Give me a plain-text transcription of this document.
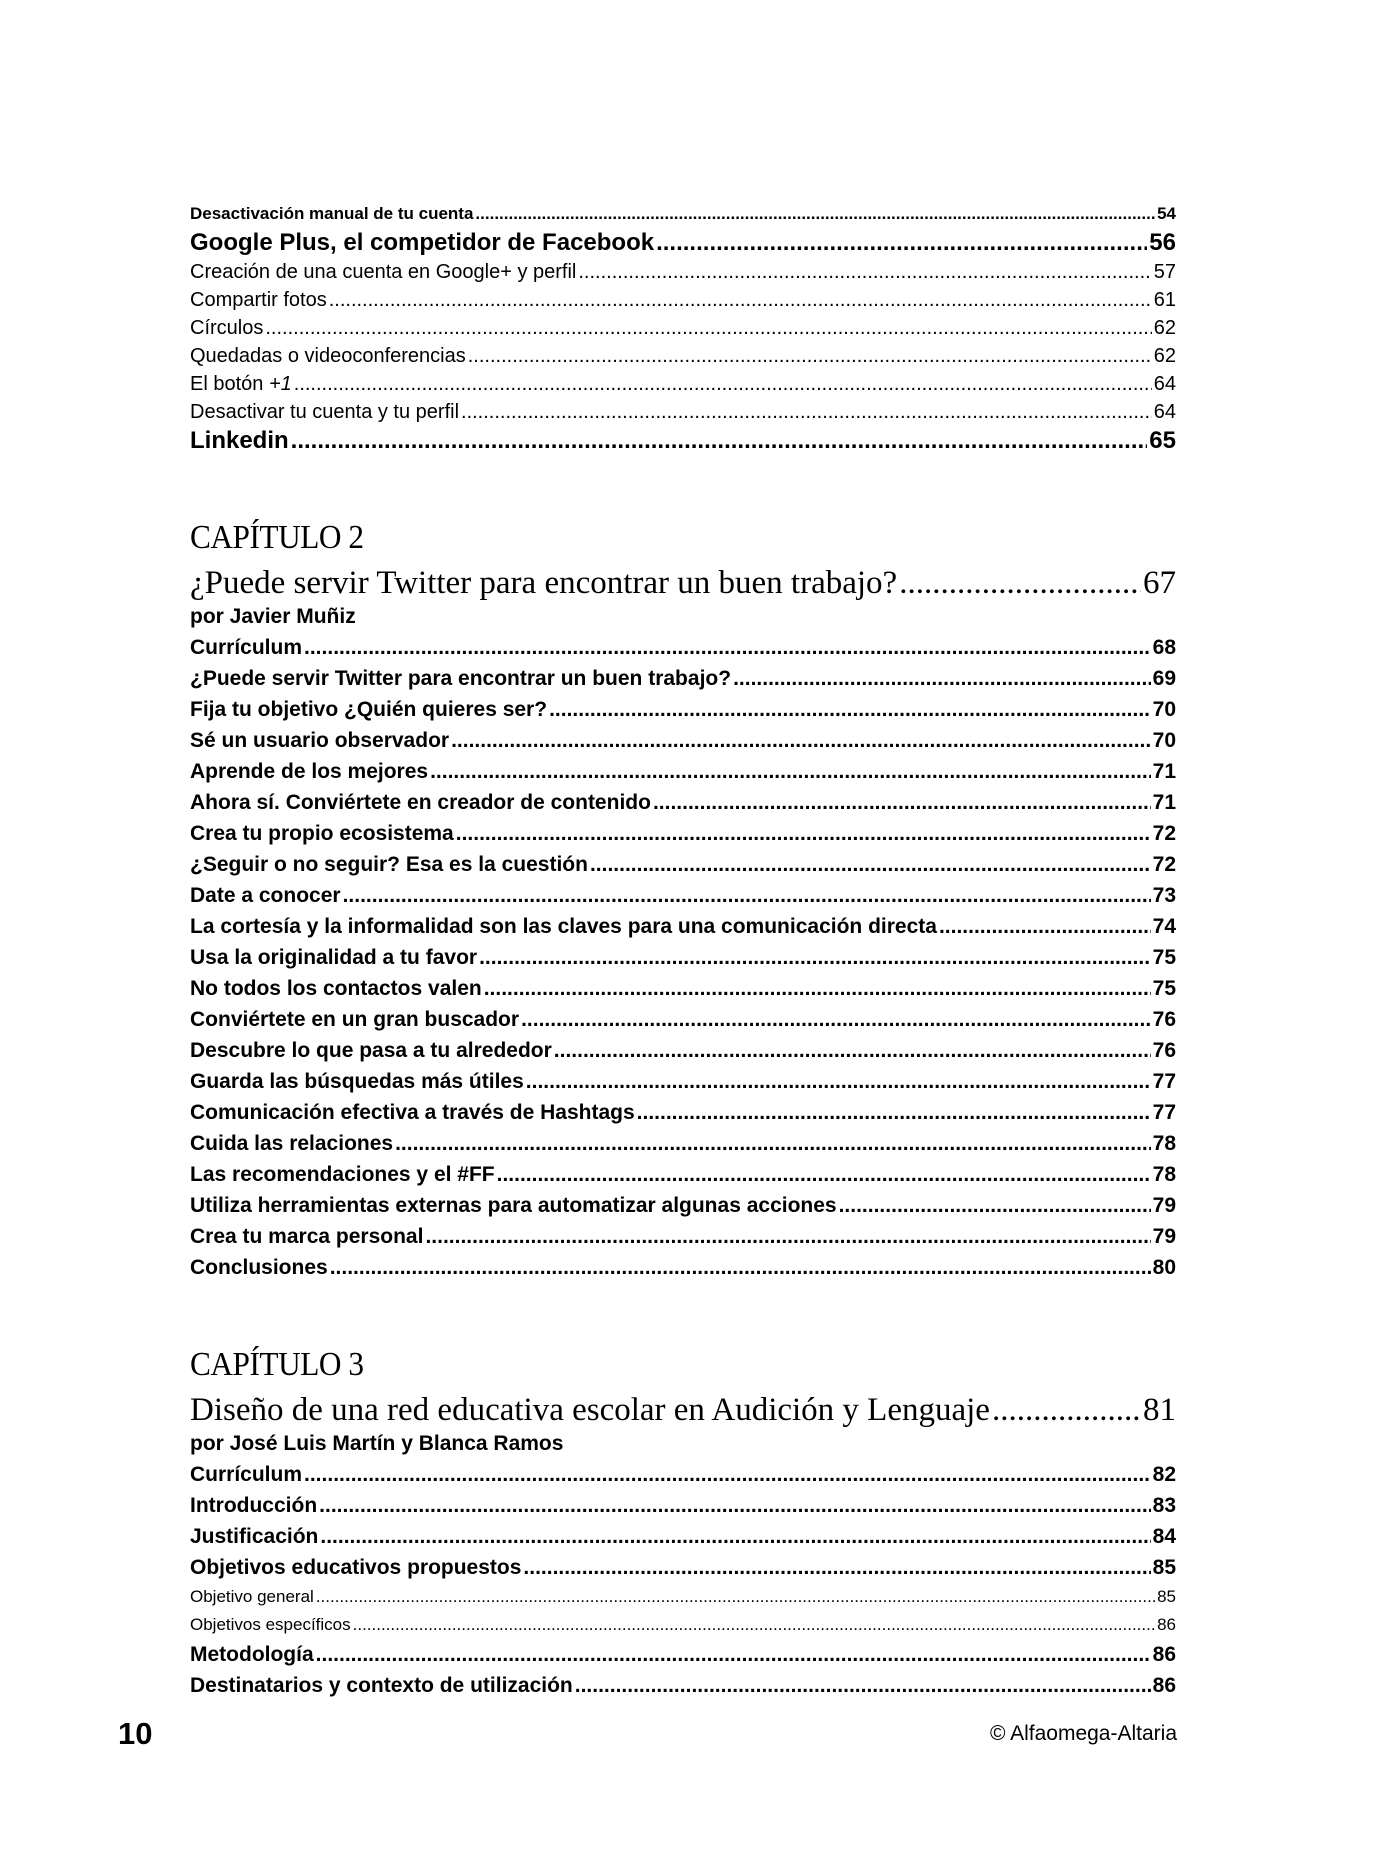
Desactivación manual de tu cuenta .....	54
Google Plus, el competidor de Facebook .....	56
Creación de una cuenta en Google+ y perfil .....	57
Compartir fotos .....	61
Círculos .....	62
Quedadas o videoconferencias .....	62
El botón +1 .....	64
Desactivar tu cuenta y tu perfil .....	64
Linkedin .....	65
CAPÍTULO 2
¿Puede servir Twitter para encontrar un buen trabajo? .....	67
por Javier Muñiz
Currículum .....	68
¿Puede servir Twitter para encontrar un buen trabajo? .....	69
Fija tu objetivo ¿Quién quieres ser? .....	70
Sé un usuario observador .....	70
Aprende de los mejores .....	71
Ahora sí. Conviértete en creador de contenido .....	71
Crea tu propio ecosistema .....	72
¿Seguir o no seguir? Esa es la cuestión .....	72
Date a conocer .....	73
La cortesía y la informalidad son las claves para una comunicación directa .....	74
Usa la originalidad a tu favor .....	75
No todos los contactos valen .....	75
Conviértete en un gran buscador .....	76
Descubre lo que pasa a tu alrededor .....	76
Guarda las búsquedas más útiles .....	77
Comunicación efectiva a través de Hashtags .....	77
Cuida las relaciones .....	78
Las recomendaciones y el #FF .....	78
Utiliza herramientas externas para automatizar algunas acciones .....	79
Crea tu marca personal .....	79
Conclusiones .....	80
CAPÍTULO 3
Diseño de una red educativa escolar en Audición y Lenguaje .....	81
por José Luis Martín y Blanca Ramos
Currículum .....	82
Introducción .....	83
Justificación .....	84
Objetivos educativos propuestos .....	85
Objetivo general .....	85
Objetivos específicos .....	86
Metodología .....	86
Destinatarios y contexto de utilización .....	86
10	© Alfaomega-Altaria
